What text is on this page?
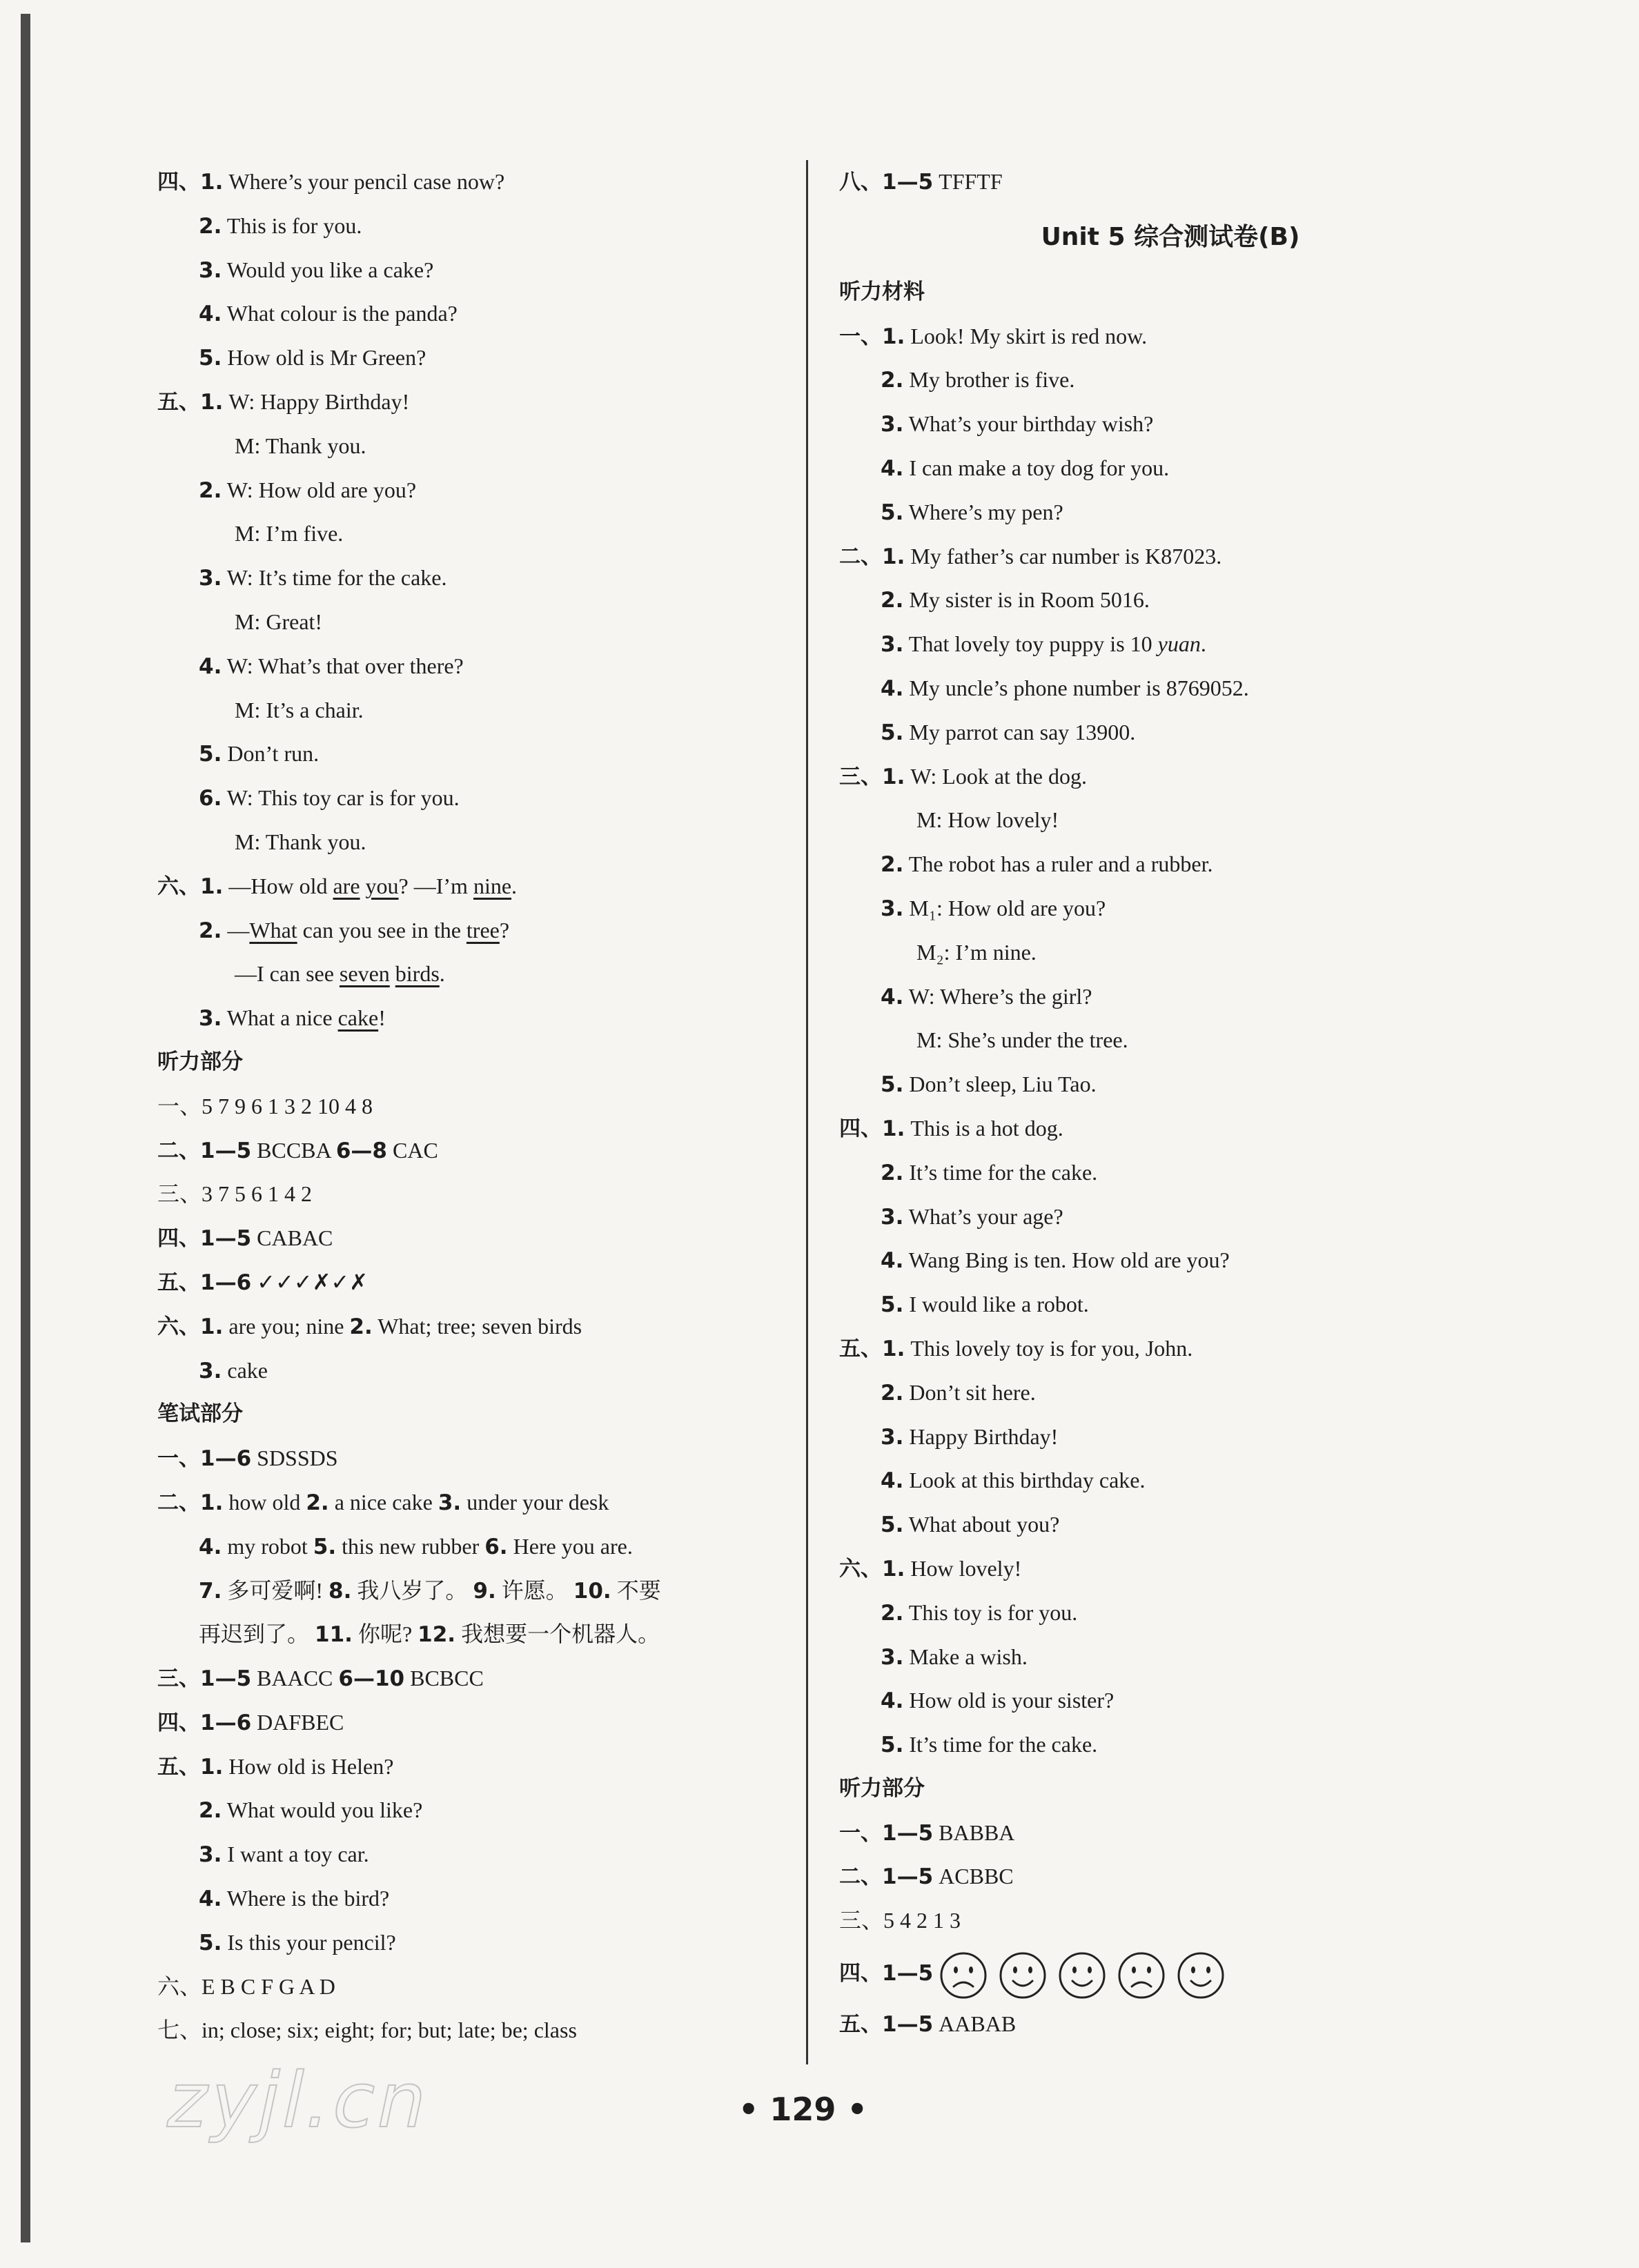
四、1. Where’s your pencil case now?
2. This is for you.
3. Would you like a cake?
4. What colour is the panda?
5. How old is Mr Green?
五、1. W: Happy Birthday!
M: Thank you.
2. W: How old are you?
M: I’m five.
3. W: It’s time for the cake.
M: Great!
4. W: What’s that over there?
M: It’s a chair.
5. Don’t run.
6. W: This toy car is for you.
M: Thank you.
六、1. —How old are you? —I’m nine.
2. —What can you see in the tree?
—I can see seven birds.
3. What a nice cake!
听力部分
一、5 7 9 6 1 3 2 10 4 8
二、1—5 BCCBA 6—8 CAC
三、3 7 5 6 1 4 2
四、1—5 CABAC
五、1—6 ✓✓✓✗✓✗
六、1. are you; nine 2. What; tree; seven birds
3. cake
笔试部分
一、1—6 SDSSDS
二、1. how old 2. a nice cake 3. under your desk
4. my robot 5. this new rubber 6. Here you are.
7. 多可爱啊! 8. 我八岁了。 9. 许愿。 10. 不要
再迟到了。 11. 你呢? 12. 我想要一个机器人。
三、1—5 BAACC 6—10 BCBCC
四、1—6 DAFBEC
五、1. How old is Helen?
2. What would you like?
3. I want a toy car.
4. Where is the bird?
5. Is this your pencil?
六、E B C F G A D
七、in; close; six; eight; for; but; late; be; class
八、1—5 TFFTF
Unit 5 综合测试卷(B)
听力材料
一、1. Look! My skirt is red now.
2. My brother is five.
3. What’s your birthday wish?
4. I can make a toy dog for you.
5. Where’s my pen?
二、1. My father’s car number is K87023.
2. My sister is in Room 5016.
3. That lovely toy puppy is 10 yuan.
4. My uncle’s phone number is 8769052.
5. My parrot can say 13900.
三、1. W: Look at the dog.
M: How lovely!
2. The robot has a ruler and a rubber.
3. M₁: How old are you?
M₂: I’m nine.
4. W: Where’s the girl?
M: She’s under the tree.
5. Don’t sleep, Liu Tao.
四、1. This is a hot dog.
2. It’s time for the cake.
3. What’s your age?
4. Wang Bing is ten. How old are you?
5. I would like a robot.
五、1. This lovely toy is for you, John.
2. Don’t sit here.
3. Happy Birthday!
4. Look at this birthday cake.
5. What about you?
六、1. How lovely!
2. This toy is for you.
3. Make a wish.
4. How old is your sister?
5. It’s time for the cake.
听力部分
一、1—5 BABBA
二、1—5 ACBBC
三、5 4 2 1 3
四、1—5
五、1—5 AABAB
• 129 •
zyjl.cn
